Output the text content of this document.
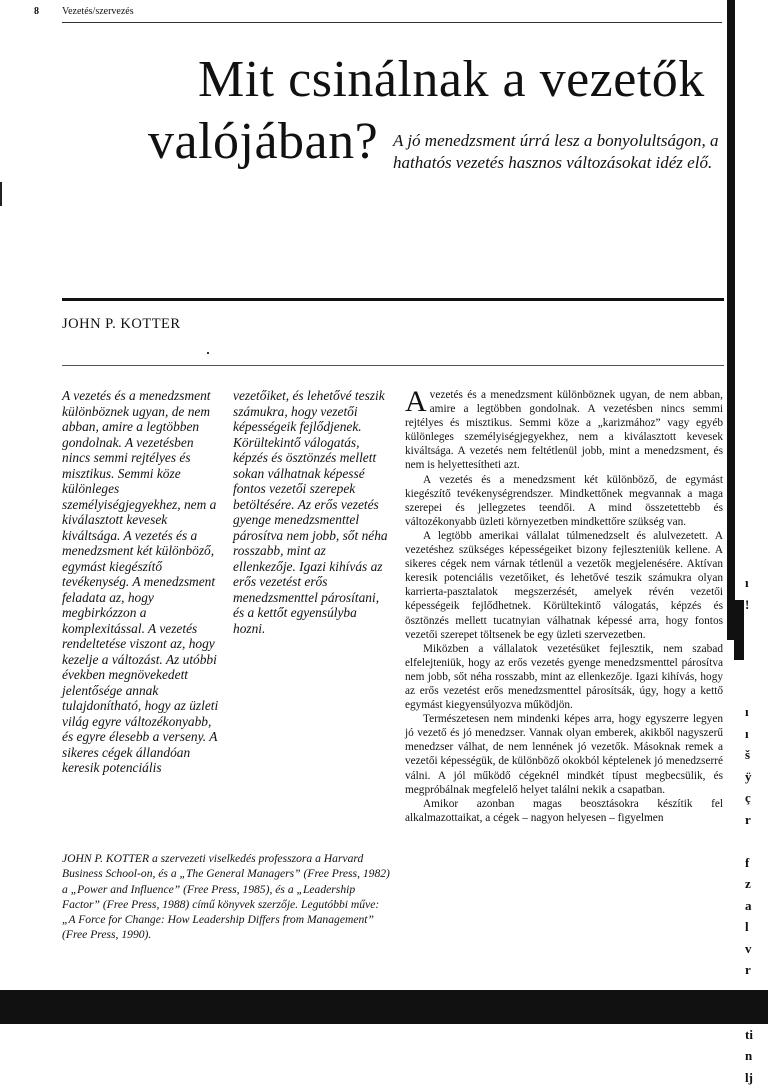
8 Vezetés/szervezés
Mit csinálnak a vezetők
valójában? A jó menedzsment úrrá lesz a bonyolultságon, a hathatós vezetés hasznos változásokat idéz elő.
JOHN P. KOTTER
A vezetés és a menedzsment különböznek ugyan, de nem abban, amire a legtöbben gondolnak. A vezetésben nincs semmi rejtélyes és misztikus. Semmi köze különleges személyiségjegyekhez, nem a kiválasztott kevesek kiváltsága. A vezetés és a menedzsment két különböző, egymást kiegészítő tevékenység. A menedzsment feladata az, hogy megbirkózzon a komplexitással. A vezetés rendeltetése viszont az, hogy kezelje a változást. Az utóbbi években megnövekedett jelentősége annak tulajdonítható, hogy az üzleti világ egyre változékonyabb, és egyre élesebb a verseny. A sikeres cégek állandóan keresik potenciális
vezetőiket, és lehetővé teszik számukra, hogy vezetői képességeik fejlődjenek. Körültekintő válogatás, képzés és ösztönzés mellett sokan válhatnak képessé fontos vezetői szerepek betöltésére. Az erős vezetés gyenge menedzsmenttel párosítva nem jobb, sőt néha rosszabb, mint az ellenkezője. Igazi kihívás az erős vezetést erős menedzsmenttel párosítani, és a kettőt egyensúlyba hozni.
JOHN P. KOTTER a szervezeti viselkedés professzora a Harvard Business School-on, és a „The General Managers” (Free Press, 1982) a „Power and Influence” (Free Press, 1985), és a „Leadership Factor” (Free Press, 1988) című könyvek szerzője. Legutóbbi műve: „A Force for Change: How Leadership Differs from Management” (Free Press, 1990).

Avezetés és a menedzsment különböznek ugyan, de nem abban, amire a legtöbben gondolnak. A vezetésben nincs semmi rejtélyes és misztikus. Semmi köze a „karizmához” vagy egyéb különleges személyiségjegyekhez, nem a kiválasztott kevesek kiváltsága. A vezetés nem feltétlenül jobb, mint a menedzsment, és nem is helyettesítheti azt.

A vezetés és a menedzsment két különböző, de egymást kiegészítő tevékenységrendszer. Mindkettőnek megvannak a maga szerepei és jellegzetes teendői. A mind összetettebb és változékonyabb üzleti környezetben mindkettőre szükség van.

A legtöbb amerikai vállalat túlmenedzselt és alulvezetett. A vezetéshez szükséges képességeiket bizony fejleszteniük kellene. A sikeres cégek nem várnak tétlenül a vezetők megjelenésére. Aktívan keresik potenciális vezetőiket, és lehetővé teszik számukra olyan karrierta-pasztalatok megszerzését, amelyek révén vezetői képességeik fejlődhetnek. Körültekintő válogatás, képzés és ösztönzés mellett tucatnyian válhatnak képessé arra, hogy fontos vezetői szerepet töltsenek be egy üzleti szervezetben.

Miközben a vállalatok vezetésüket fejlesztik, nem szabad elfelejteniük, hogy az erős vezetés gyenge menedzsmenttel párosítva nem jobb, sőt néha rosszabb, mint az ellenkezője. Igazi kihívás, hogy az erős vezetést erős menedzsmenttel párosítsák, úgy, hogy a kettő egymást kiegyensúlyozva működjön.

Természetesen nem mindenki képes arra, hogy egyszerre legyen jó vezető és jó menedzser. Vannak olyan emberek, akikből nagyszerű menedzser válhat, de nem lennének jó vezetők. Másoknak remek a vezetői képességük, de különböző okokból képtelenek jó menedzserré válni. A jól működő cégeknél mindkét típust megbecsülik, és megpróbálnak megfelelő helyet találni nekik a csapatban.

Amikor azonban magas beosztásokra készítik fel alkalmazottaikat, a cégek – nagyon helyesen – figyelmen

ı
!

ı
ı
š
ÿ
ç
r

f
z
a
l
v
r

ti
n
lj
